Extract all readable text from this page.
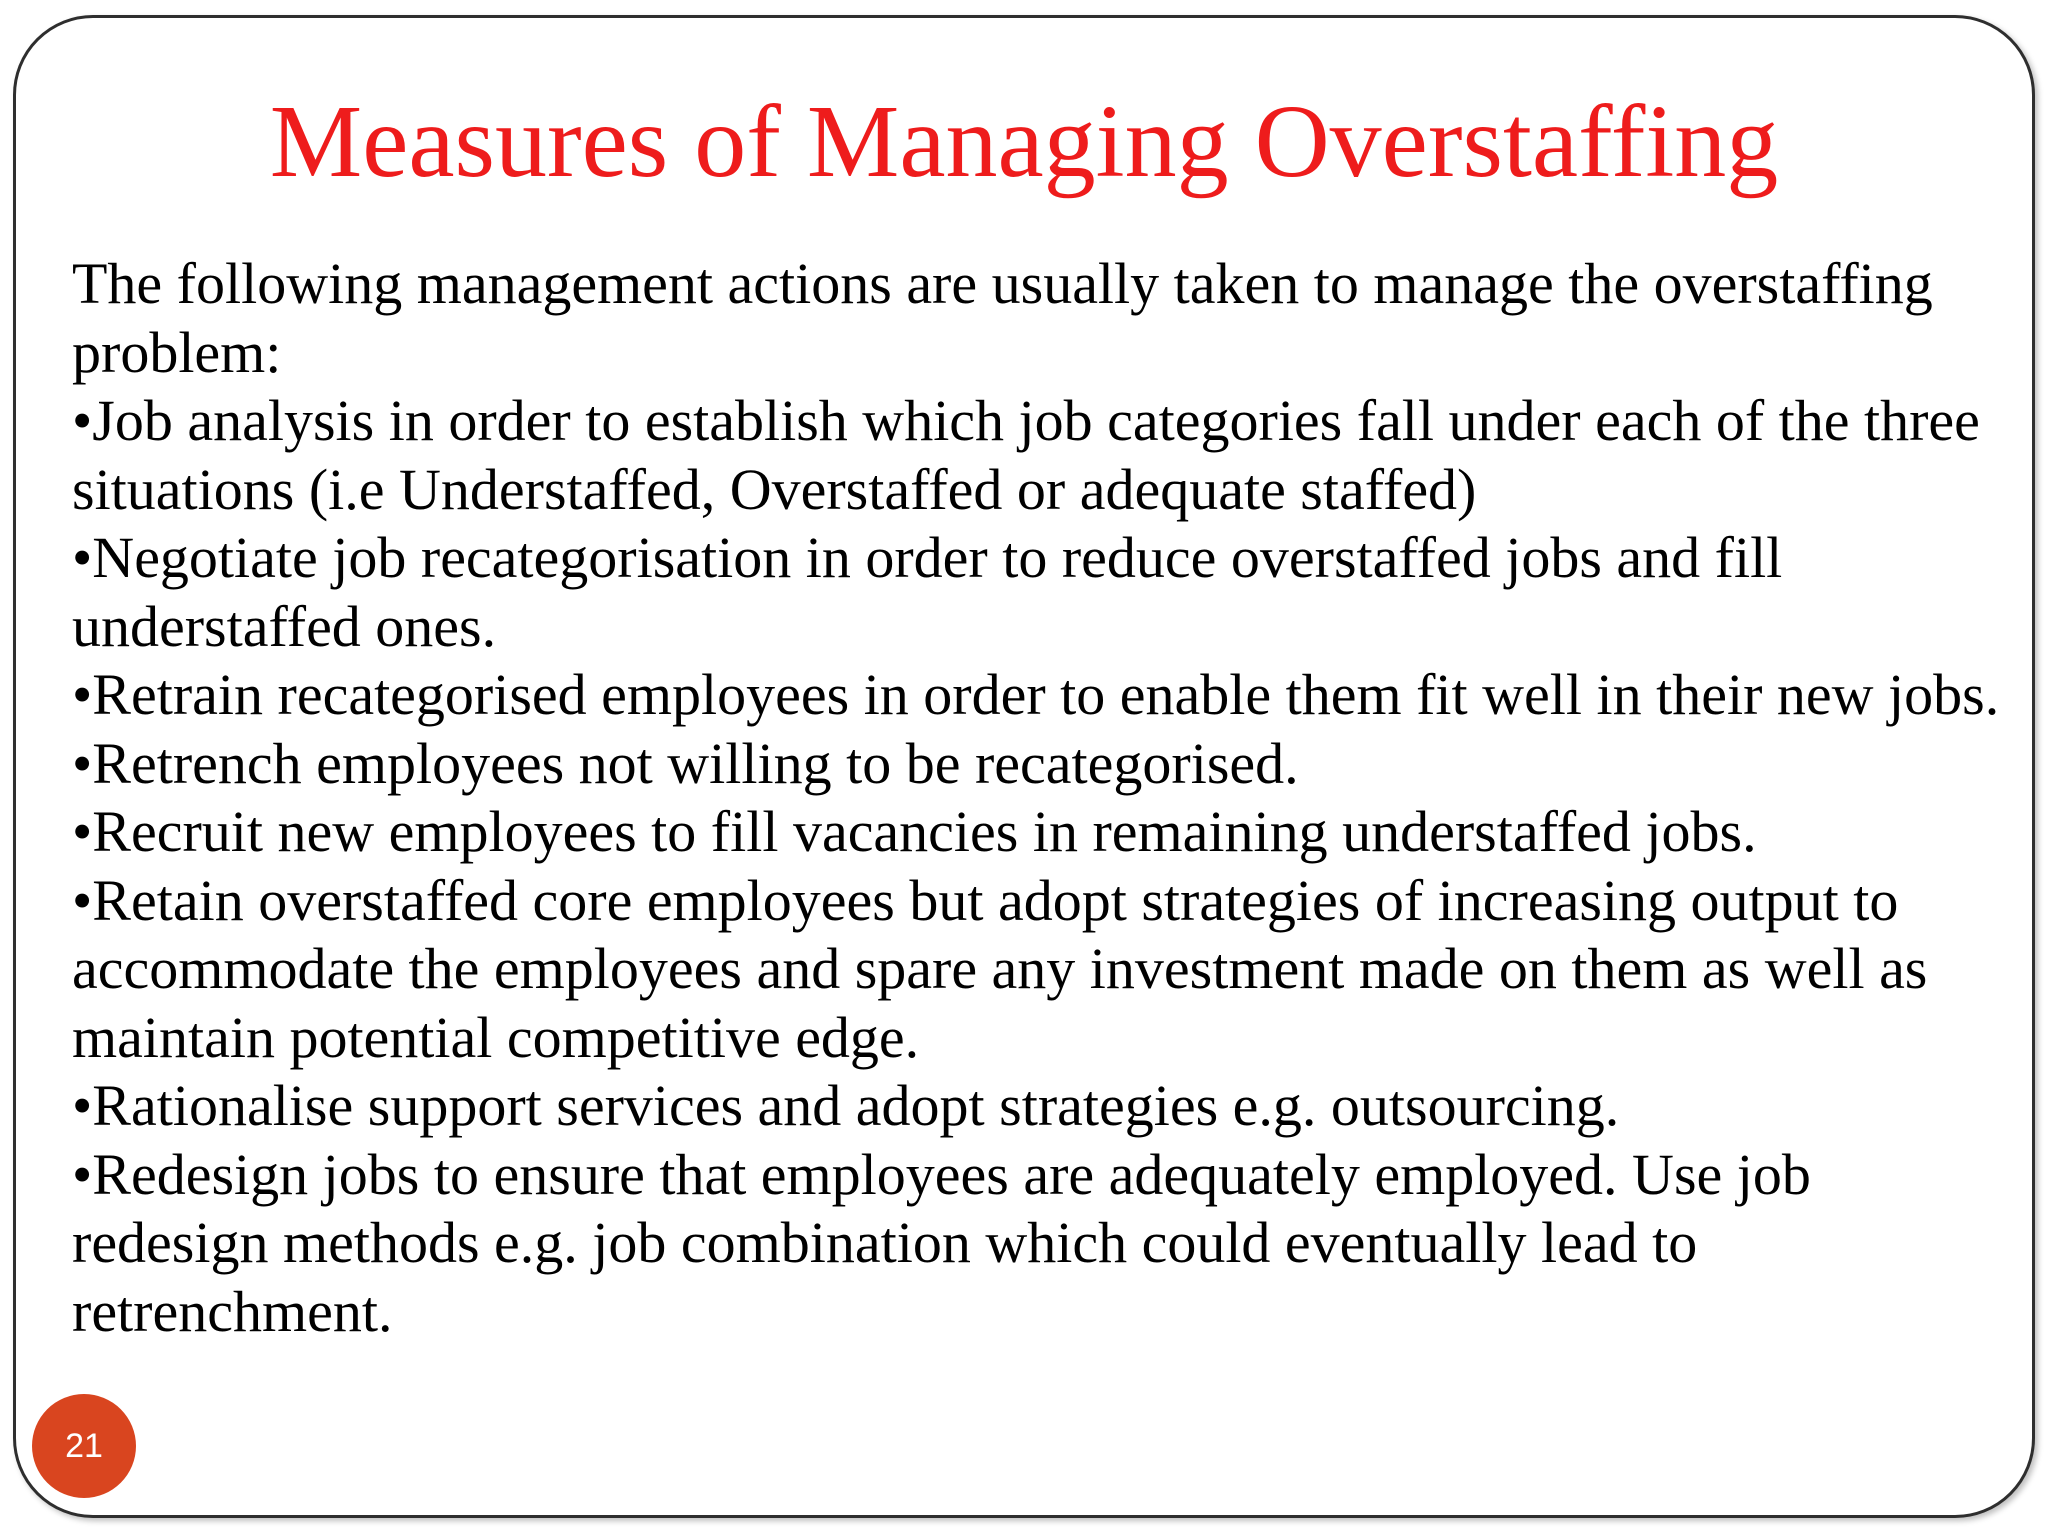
Measures of Managing Overstaffing

The following management actions are usually taken to manage the overstaffing problem:

•Job analysis in order to establish which job categories fall under each of the three situations (i.e Understaffed, Overstaffed or adequate staffed)

•Negotiate job recategorisation in order to reduce overstaffed jobs and fill understaffed ones.

•Retrain recategorised employees in order to enable them fit well in their new jobs.

•Retrench employees not willing to be recategorised.

•Recruit new employees to fill vacancies in remaining understaffed jobs.

•Retain overstaffed core employees but adopt strategies of increasing output to accommodate the employees and spare any investment made on them as well as maintain potential competitive edge.

•Rationalise support services and adopt strategies e.g. outsourcing.

•Redesign jobs to ensure that employees are adequately employed. Use job redesign methods e.g. job combination which could eventually lead to retrenchment.

21
